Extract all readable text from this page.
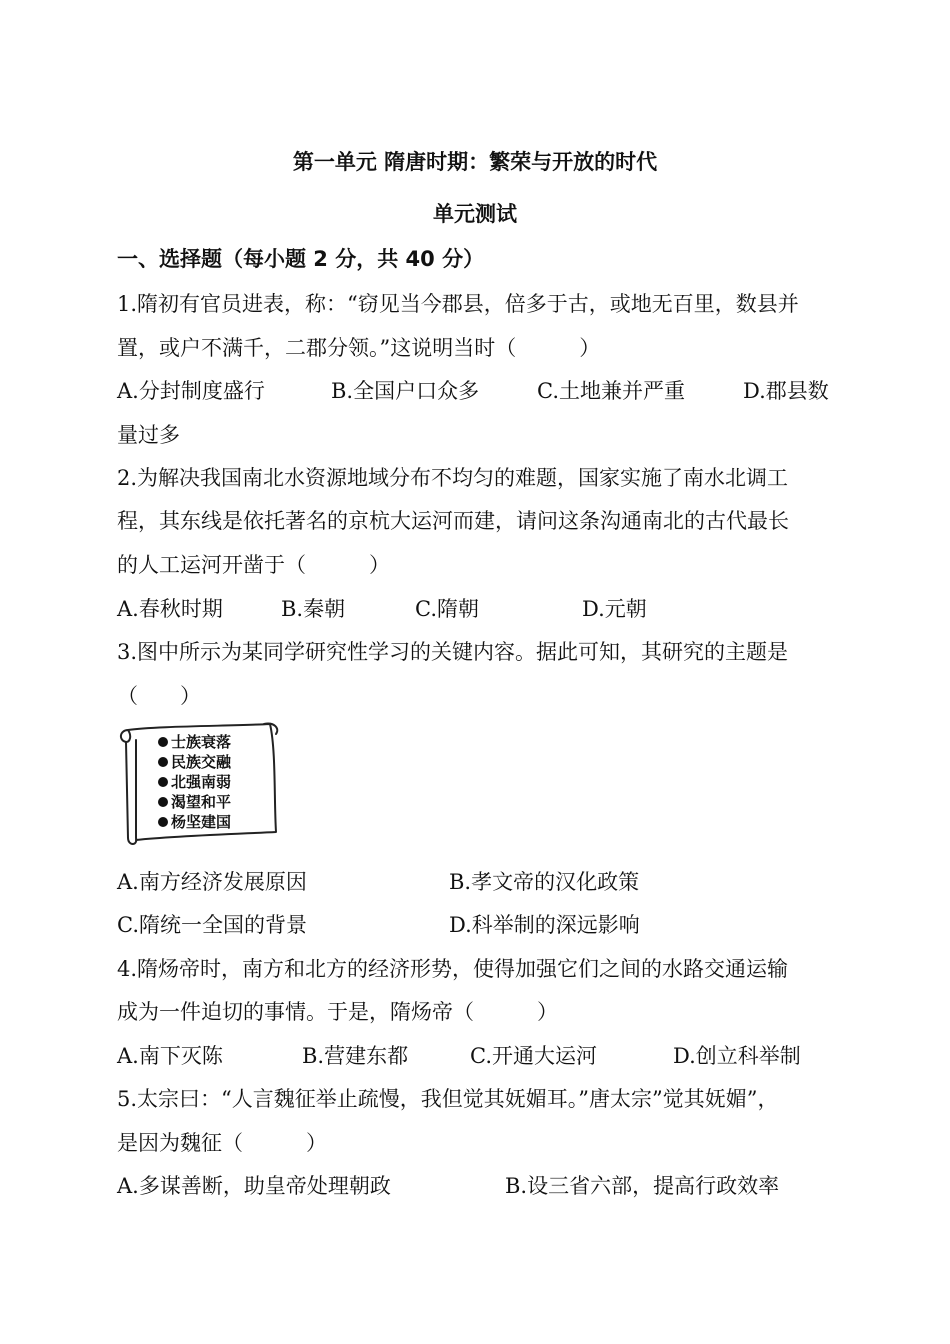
第一单元 隋唐时期：繁荣与开放的时代
单元测试
一、选择题（每小题 2 分，共 40 分）
1.隋初有官员进表，称：“窃见当今郡县，倍多于古，或地无百里，数县并
置，或户不满千，二郡分领。”这说明当时（　　　）
A.分封制度盛行	B.全国户口众多	C.土地兼并严重	D.郡县数
量过多
2.为解决我国南北水资源地域分布不均匀的难题，国家实施了南水北调工
程，其东线是依托著名的京杭大运河而建，请问这条沟通南北的古代最长
的人工运河开凿于（　　　）
A.春秋时期	B.秦朝	C.隋朝	D.元朝
3.图中所示为某同学研究性学习的关键内容。据此可知，其研究的主题是
（　　）
士族衰落
民族交融
北强南弱
渴望和平
杨坚建国
A.南方经济发展原因	B.孝文帝的汉化政策
C.隋统一全国的背景	D.科举制的深远影响
4.隋炀帝时，南方和北方的经济形势，使得加强它们之间的水路交通运输
成为一件迫切的事情。于是，隋炀帝（　　　）
A.南下灭陈	B.营建东都	C.开通大运河	D.创立科举制
5.太宗曰：“人言魏征举止疏慢，我但觉其妩媚耳。”唐太宗”觉其妩媚”，
是因为魏征（　　　）
A.多谋善断，助皇帝处理朝政	B.设三省六部，提高行政效率
